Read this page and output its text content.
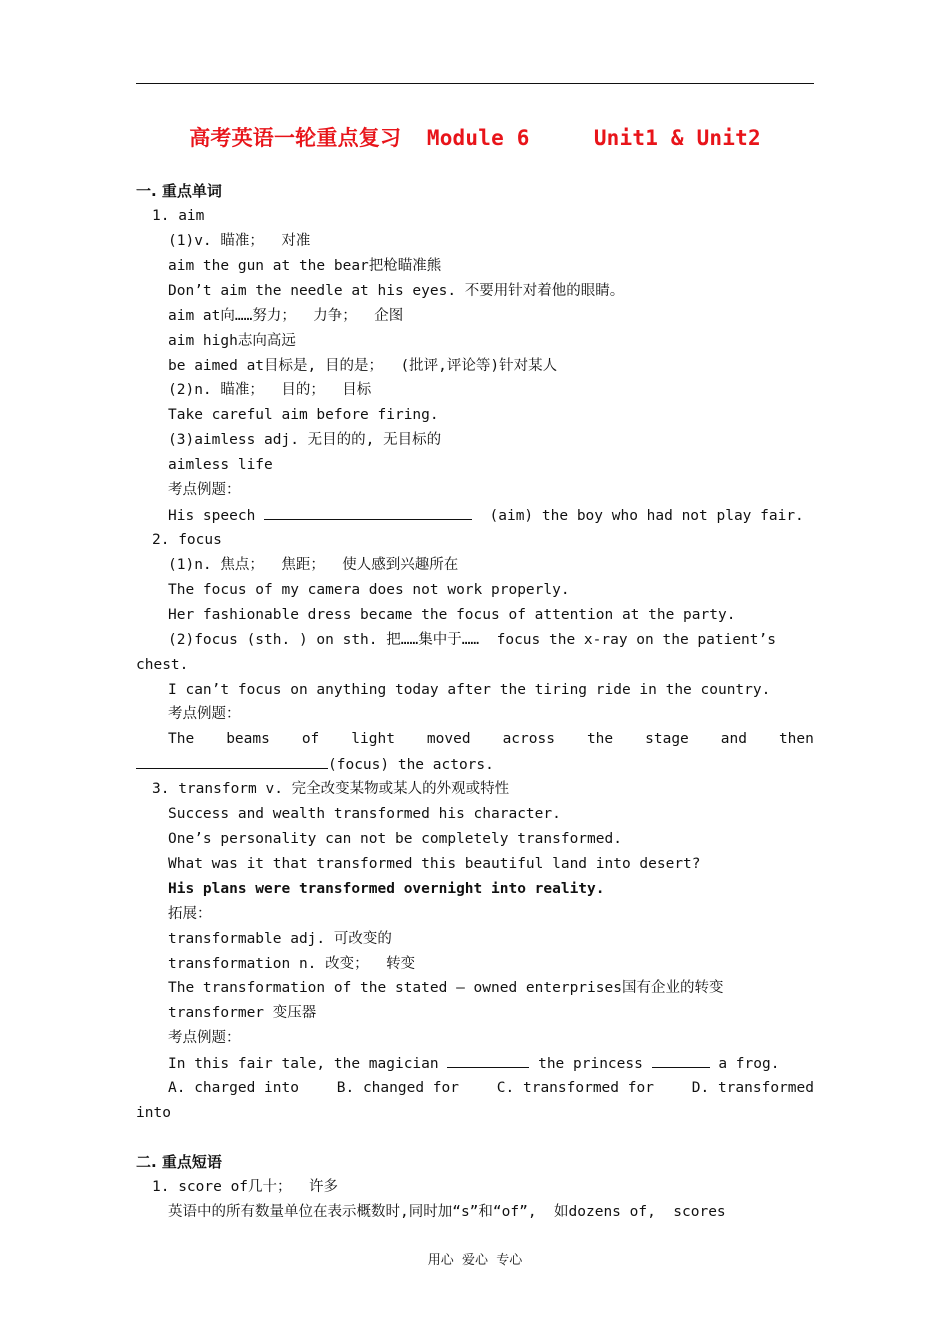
高考英语一轮重点复习  Module 6     Unit1 & Unit2
一. 重点单词
1. aim
(1)v. 瞄准；  对准
aim the gun at the bear把枪瞄准熊
Don’t aim the needle at his eyes. 不要用针对着他的眼睛。
aim at向……努力；  力争；  企图
aim high志向高远
be aimed at目标是, 目的是；  (批评,评论等)针对某人
(2)n. 瞄准；  目的；  目标
Take careful aim before firing.
(3)aimless adj. 无目的的, 无目标的
aimless life
考点例题：
His speech	(aim) the boy who had not play fair.
2. focus
(1)n. 焦点；  焦距；  使人感到兴趣所在
The focus of my camera does not work properly.
Her fashionable dress became the focus of attention at the party.
(2)focus (sth. ) on sth. 把……集中于……  focus the x-ray on the patient’s
chest.
I can’t focus on anything today after the tiring ride in the country.
考点例题：
The beams of light moved across the stage and then
(focus) the actors.
3. transform v. 完全改变某物或某人的外观或特性
Success and wealth transformed his character.
One’s personality can not be completely transformed.
What was it that transformed this beautiful land into desert?
His plans were transformed overnight into reality.
拓展：
transformable adj. 可改变的
transformation n. 改变；  转变
The transformation of the stated – owned enterprises国有企业的转变
transformer 变压器
考点例题：
In this fair tale, the magician	the princess	a frog.
A. charged into	B. changed for	C. transformed for	D. transformed
into
二. 重点短语
1. score of几十；  许多
英语中的所有数量单位在表示概数时,同时加“s”和“of”,  如dozens of,  scores
用心  爱心  专心
